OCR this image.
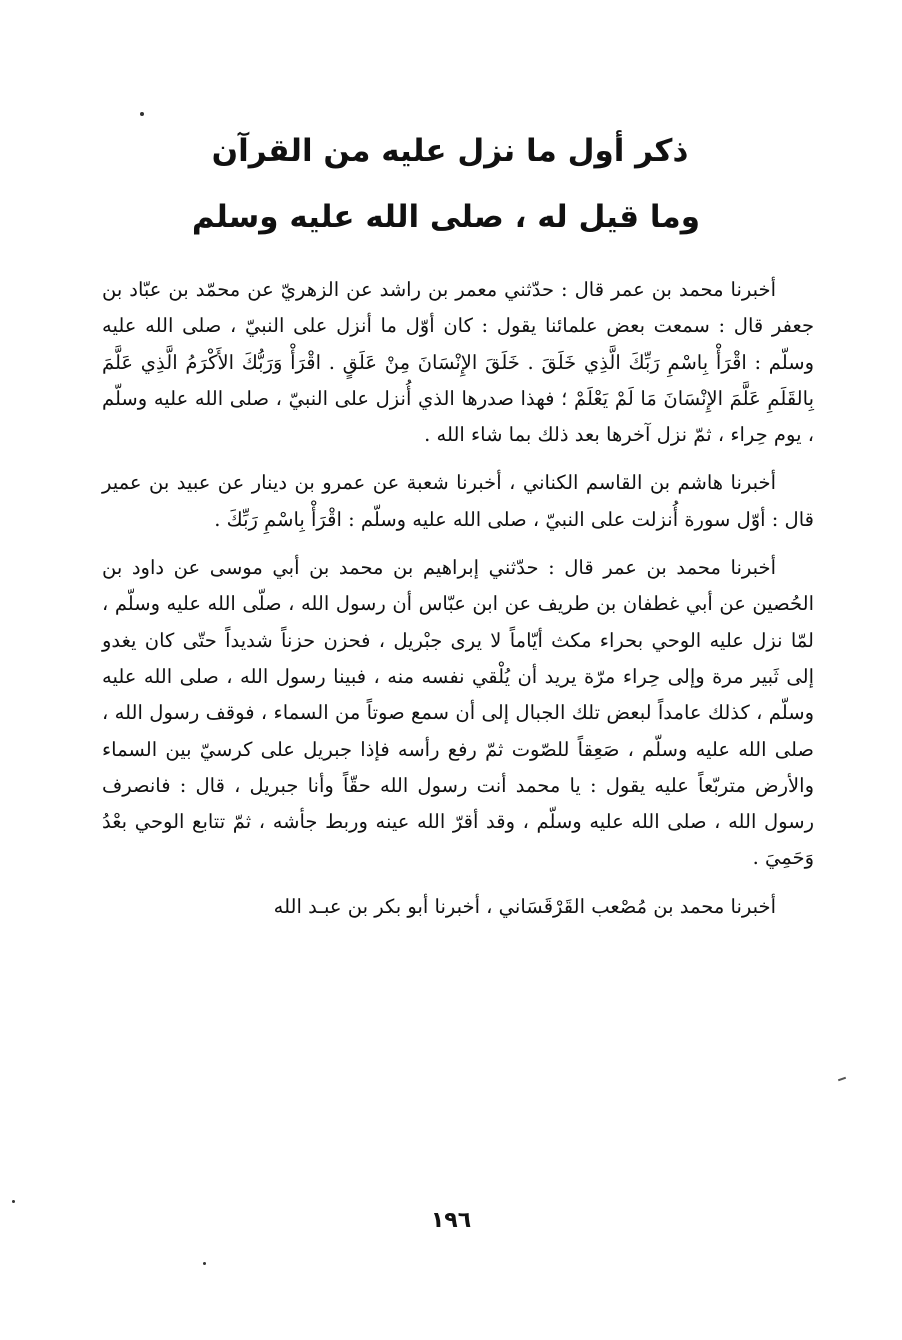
ذكر أول ما نزل عليه من القرآن

وما قيل له ، صلى الله عليه وسلم

أخبرنا محمد بن عمر قال : حدّثني معمر بن راشد عن الزهريّ عن محمّد بن عبّاد بن جعفر قال : سمعت بعض علمائنا يقول : كان أوّل ما أنزل على النبيّ ، صلى الله عليه وسلّم : اقْرَأْ بِاسْمِ رَبِّكَ الَّذِي خَلَقَ . خَلَقَ الإِنْسَانَ مِنْ عَلَقٍ . اقْرَأْ وَرَبُّكَ الأَكْرَمُ الَّذِي عَلَّمَ بِالقَلَمِ عَلَّمَ الإِنْسَانَ مَا لَمْ يَعْلَمْ ؛ فهذا صدرها الذي أُنزل على النبيّ ، صلى الله عليه وسلّم ، يوم حِراء ، ثمّ نزل آخرها بعد ذلك بما شاء الله .

أخبرنا هاشم بن القاسم الكناني ، أخبرنا شعبة عن عمرو بن دينار عن عبيد بن عمير قال : أوّل سورة أُنزلت على النبيّ ، صلى الله عليه وسلّم : اقْرَأْ بِاسْمِ رَبِّكَ .

أخبرنا محمد بن عمر قال : حدّثني إبراهيم بن محمد بن أبي موسى عن داود بن الحُصين عن أبي غطفان بن طريف عن ابن عبّاس أن رسول الله ، صلّى الله عليه وسلّم ، لمّا نزل عليه الوحي بحراء مكث أيّاماً لا يرى جبْريل ، فحزن حزناً شديداً حتّى كان يغدو إلى ثَبير مرة وإلى حِراء مرّة يريد أن يُلْقي نفسه منه ، فبينا رسول الله ، صلى الله عليه وسلّم ، كذلك عامداً لبعض تلك الجبال إلى أن سمع صوتاً من السماء ، فوقف رسول الله ، صلى الله عليه وسلّم ، صَعِقاً للصّوت ثمّ رفع رأسه فإذا جبريل على كرسيّ بين السماء والأرض متربّعاً عليه يقول : يا محمد أنت رسول الله حقّاً وأنا جبريل ، قال : فانصرف رسول الله ، صلى الله عليه وسلّم ، وقد أقرّ الله عينه وربط جأشه ، ثمّ تتابع الوحي بعْدُ وَحَمِيَ .

أخبرنا محمد بن مُصْعب القَرْقَسَاني ، أخبرنا أبو بكر بن عبـد الله

١٩٦
